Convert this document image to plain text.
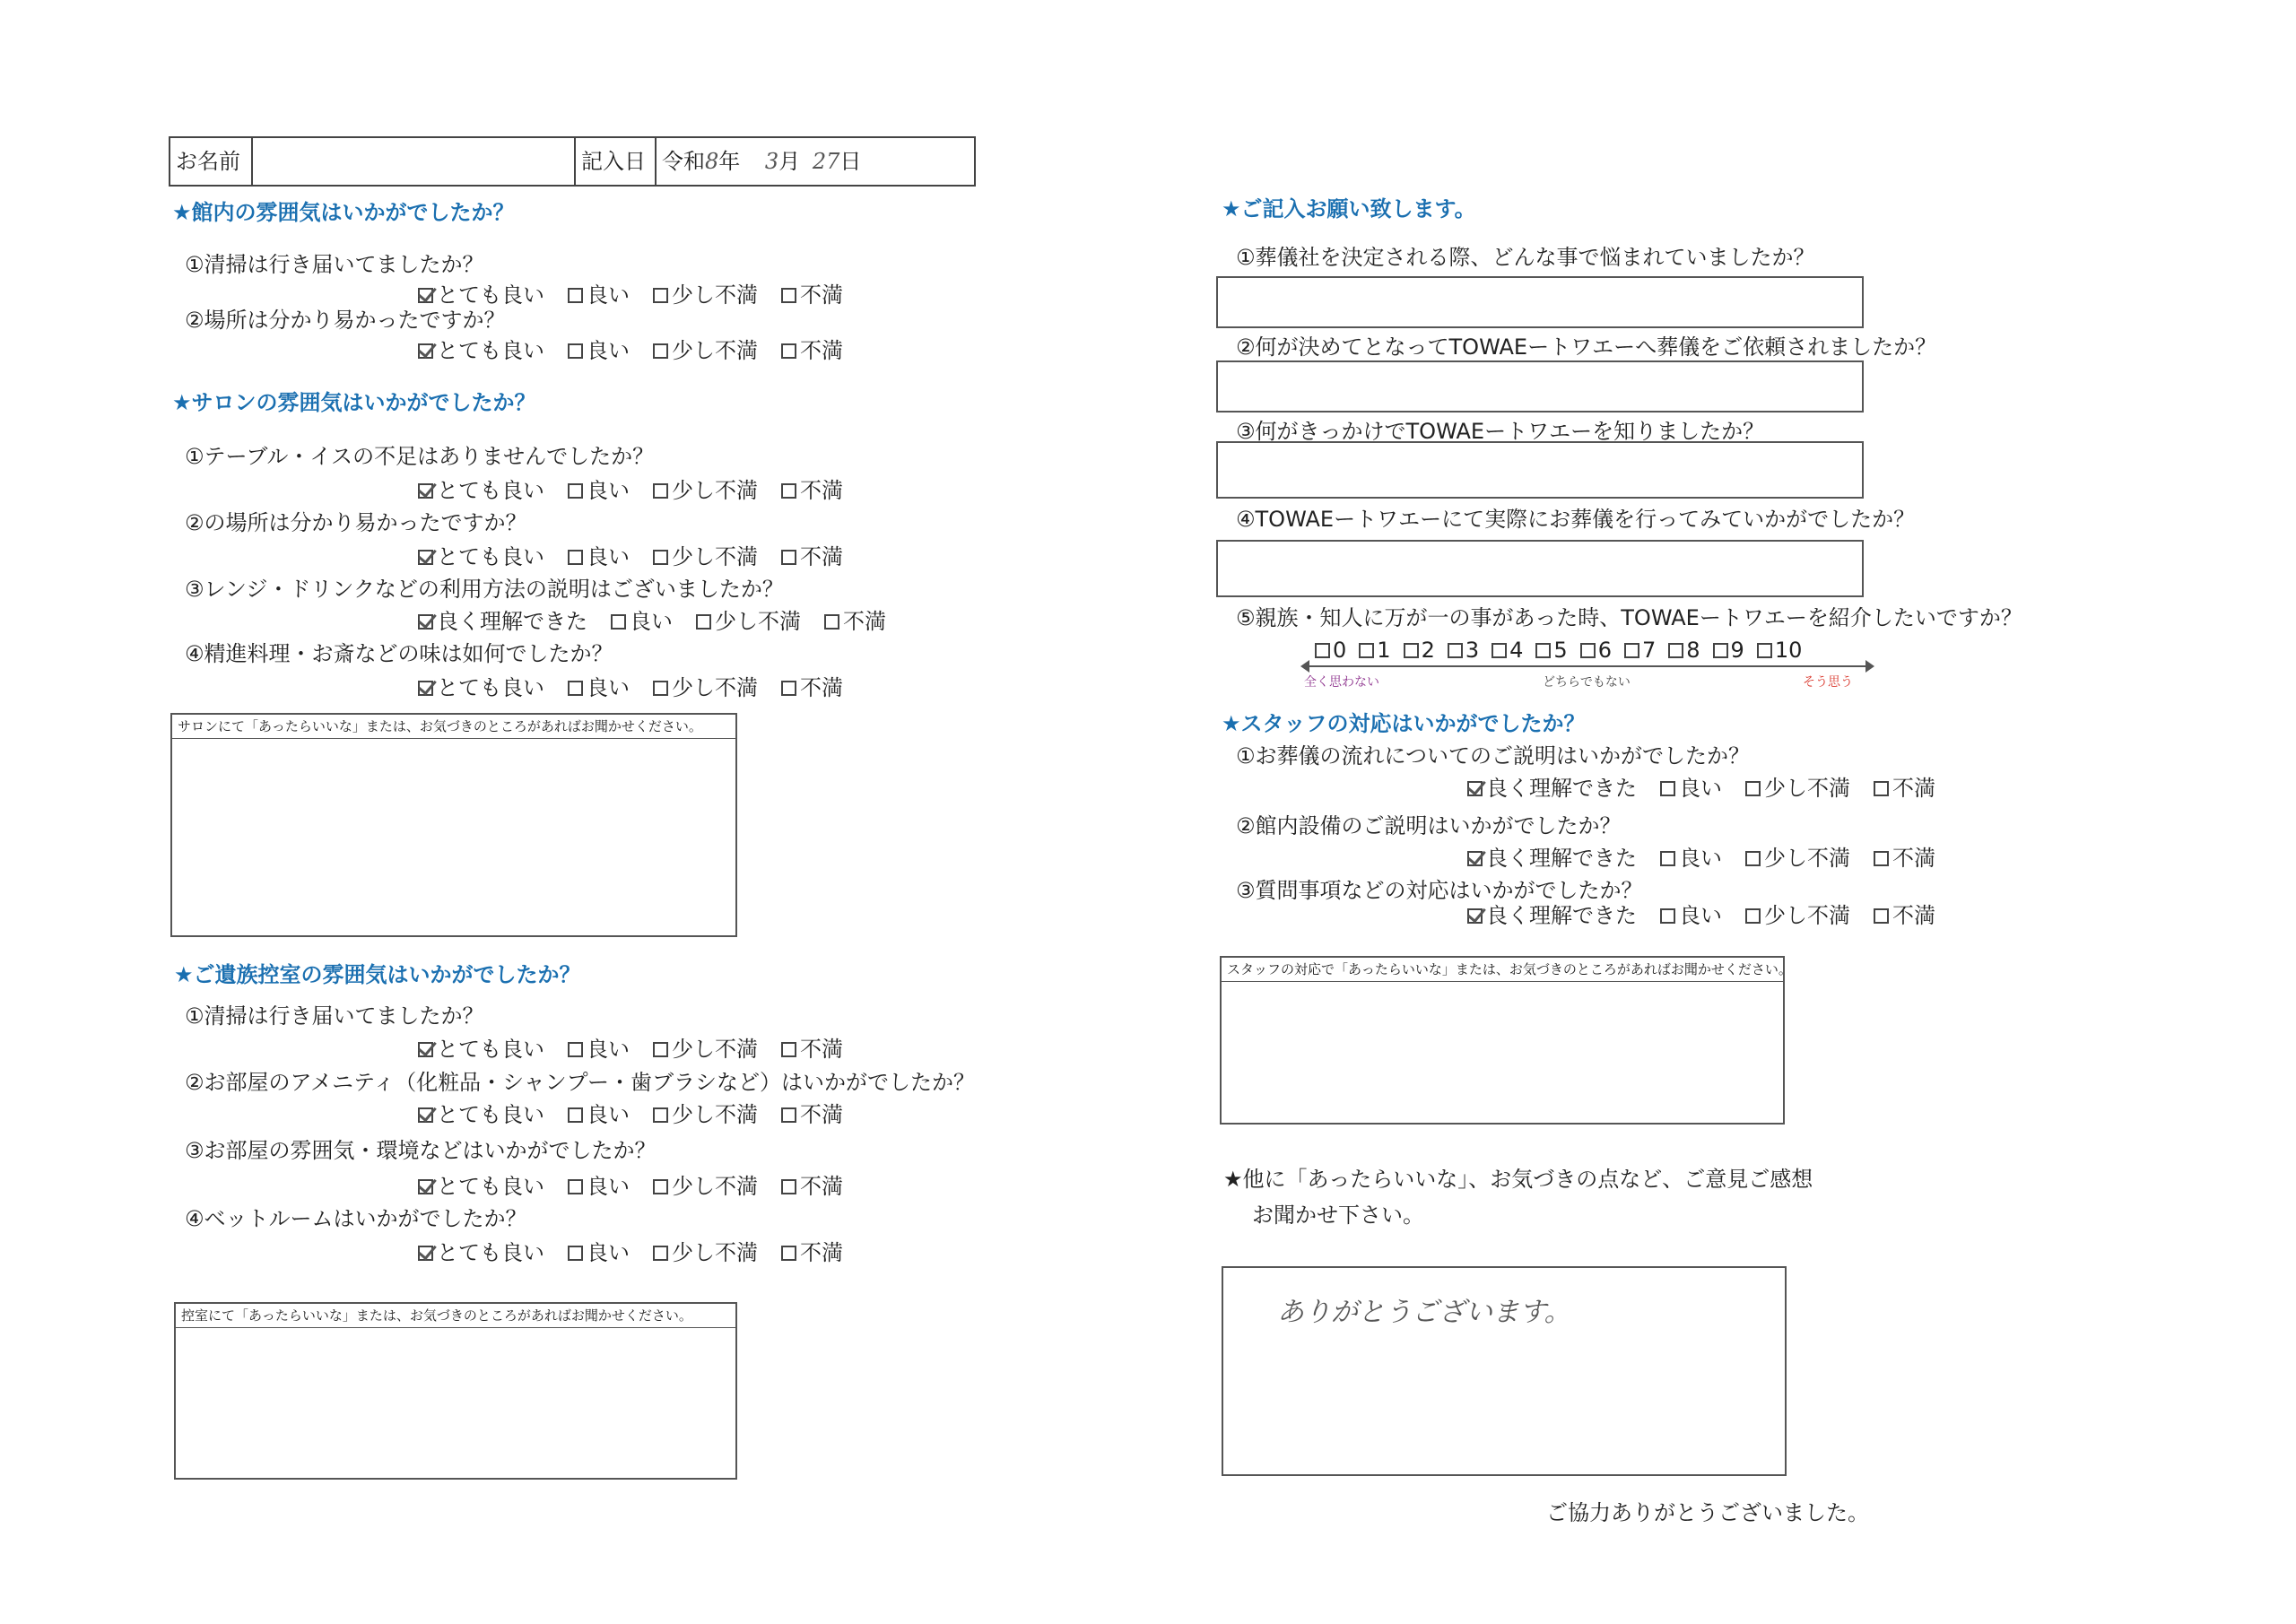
お名前	記入日 令和8年 3月 27日
★館内の雰囲気はいかがでしたか？
①清掃は行き届いてましたか？
とても良い 良い 少し不満 不満
②場所は分かり易かったですか？
とても良い 良い 少し不満 不満
★サロンの雰囲気はいかがでしたか？
①テーブル・イスの不足はありませんでしたか？
とても良い 良い 少し不満 不満
②の場所は分かり易かったですか？
とても良い 良い 少し不満 不満
③レンジ・ドリンクなどの利用方法の説明はございましたか？
良く理解できた 良い 少し不満 不満
④精進料理・お斎などの味は如何でしたか？
とても良い 良い 少し不満 不満
サロンにて「あったらいいな」または、お気づきのところがあればお聞かせください。
★ご遺族控室の雰囲気はいかがでしたか？
①清掃は行き届いてましたか？
とても良い 良い 少し不満 不満
②お部屋のアメニティ（化粧品・シャンプー・歯ブラシなど）はいかがでしたか？
とても良い 良い 少し不満 不満
③お部屋の雰囲気・環境などはいかがでしたか？
とても良い 良い 少し不満 不満
④ベットルームはいかがでしたか？
とても良い 良い 少し不満 不満
控室にて「あったらいいな」または、お気づきのところがあればお聞かせください。
★ご記入お願い致します。
①葬儀社を決定される際、どんな事で悩まれていましたか？
②何が決めてとなってTOWAEートワエーへ葬儀をご依頼されましたか？
③何がきっかけでTOWAEートワエーを知りましたか？
④TOWAEートワエーにて実際にお葬儀を行ってみていかがでしたか？
⑤親族・知人に万が一の事があった時、TOWAEートワエーを紹介したいですか？
0 1 2 3 4 5 6 7 8 9 10
全く思わない	どちらでもない	そう思う
★スタッフの対応はいかがでしたか？
①お葬儀の流れについてのご説明はいかがでしたか？
良く理解できた 良い 少し不満 不満
②館内設備のご説明はいかがでしたか？
良く理解できた 良い 少し不満 不満
③質問事項などの対応はいかがでしたか？
良く理解できた 良い 少し不満 不満
スタッフの対応で「あったらいいな」または、お気づきのところがあればお聞かせください。
★他に「あったらいいな」、お気づきの点など、ご意見ご感想
お聞かせ下さい。
ありがとうございます。
ご協力ありがとうございました。
